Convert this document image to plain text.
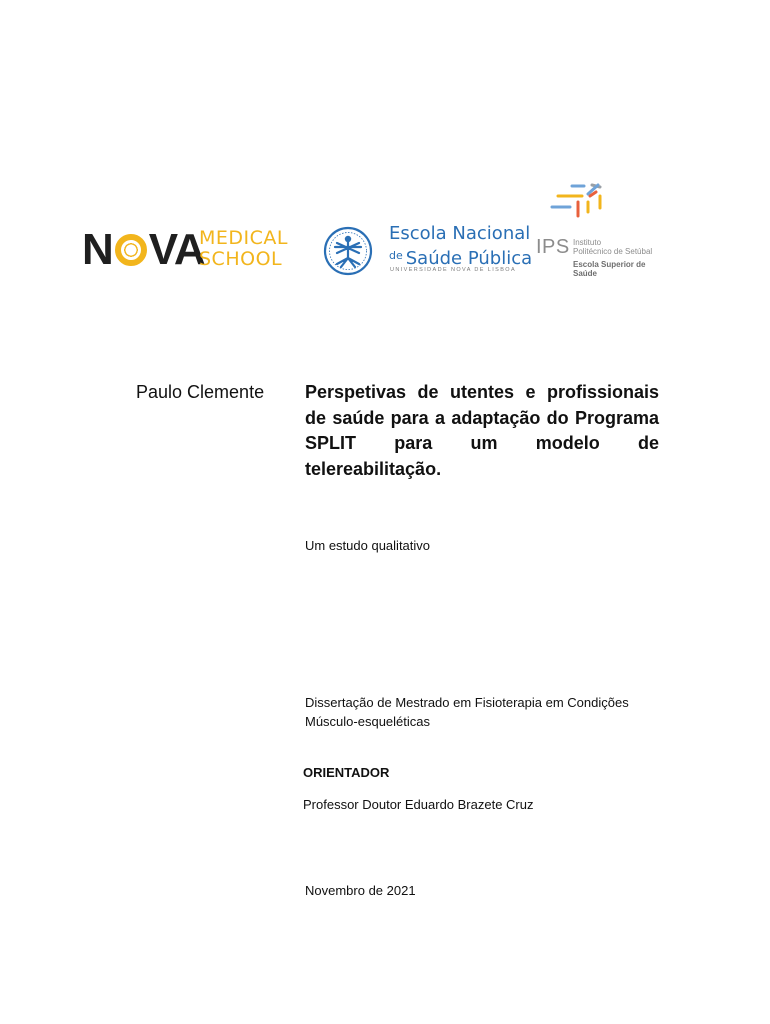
N VA
MEDICAL
SCHOOL
Escola Nacional
$^{de}$ Saúde Pública
UNIVERSIDADE NOVA DE LISBOA
IPS Instituto
Politécnico de Setúbal
Escola Superior de
Saúde
Paulo Clemente Perspetivas de utentes e profissionais de saúde para a adaptação do Programa SPLIT para um modelo de telereabilitação.

Um estudo qualitativo
Dissertação de Mestrado em Fisioterapia em Condições
Músculo-esqueléticas
ORIENTADOR
Professor Doutor Eduardo Brazete Cruz
Novembro de 2021
